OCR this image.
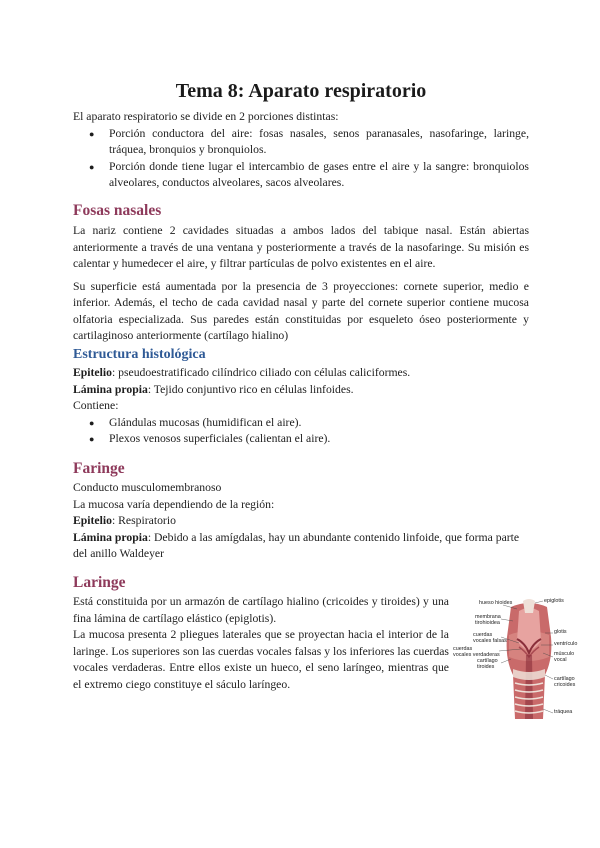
Tema 8: Aparato respiratorio

El aparato respiratorio se divide en 2 porciones distintas:

● Porción conductora del aire: fosas nasales, senos paranasales, nasofaringe, laringe, tráquea, bronquios y bronquiolos.
● Porción donde tiene lugar el intercambio de gases entre el aire y la sangre: bronquiolos alveolares, conductos alveolares, sacos alveolares.
Fosas nasales

La nariz contiene 2 cavidades situadas a ambos lados del tabique nasal. Están abiertas anteriormente a través de una ventana y posteriormente a través de la nasofaringe. Su misión es calentar y humedecer el aire, y filtrar partículas de polvo existentes en el aire.

Su superficie está aumentada por la presencia de 3 proyecciones: cornete superior, medio e inferior. Además, el techo de cada cavidad nasal y parte del cornete superior contiene mucosa olfatoria especializada. Sus paredes están constituidas por esqueleto óseo posteriormente y cartilaginoso anteriormente (cartílago hialino)

Estructura histológica

Epitelio: pseudoestratificado cilíndrico ciliado con células caliciformes.

Lámina propia: Tejido conjuntivo rico en células linfoides.

Contiene:

● Glándulas mucosas (humidifican el aire).
● Plexos venosos superficiales (calientan el aire).
Faringe

Conducto musculomembranoso

La mucosa varía dependiendo de la región:

Epitelio: Respiratorio

Lámina propia: Debido a las amígdalas, hay un abundante contenido linfoide, que forma parte del anillo Waldeyer

Laringe

Está constituida por un armazón de cartílago hialino (cricoides y tiroides) y una fina lámina de cartílago elástico (epiglotis).

La mucosa presenta 2 pliegues laterales que se proyectan hacia el interior de la laringe. Los superiores son las cuerdas vocales falsas y los inferiores las cuerdas vocales verdaderas. Entre ellos existe un hueco, el seno laríngeo, mientras que el extremo ciego constituye el sáculo laríngeo.

hueso hioides	epiglotis
membrana
tirohioidea
glotis
cuerdas
vocales falsas
ventrículo
cuerdas
vocales verdaderas	músculo
vocal
cartílago
tiroides
cartílago
cricoides
tráquea
